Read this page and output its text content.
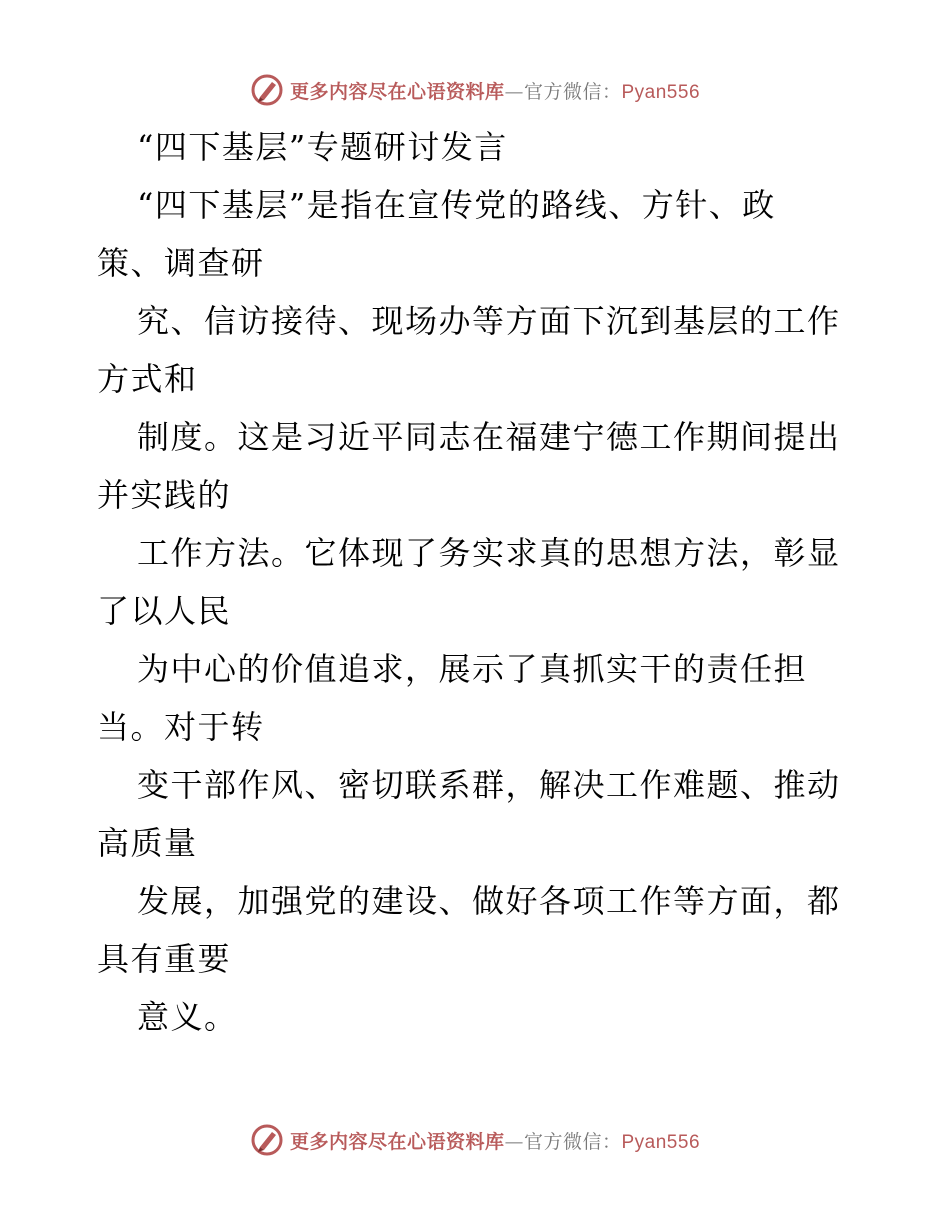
更多内容尽在心语资料库—官方微信：Pyan556
“四下基层”专题研讨发言
“四下基层”是指在宣传党的路线、方针、政
策、调查研
究、信访接待、现场办等方面下沉到基层的工作
方式和
制度。这是习近平同志在福建宁德工作期间提出
并实践的
工作方法。它体现了务实求真的思想方法，彰显
了以人民
为中心的价值追求，展示了真抓实干的责任担
当。对于转
变干部作风、密切联系群，解决工作难题、推动
高质量
发展，加强党的建设、做好各项工作等方面，都
具有重要
意义。
更多内容尽在心语资料库—官方微信：Pyan556
